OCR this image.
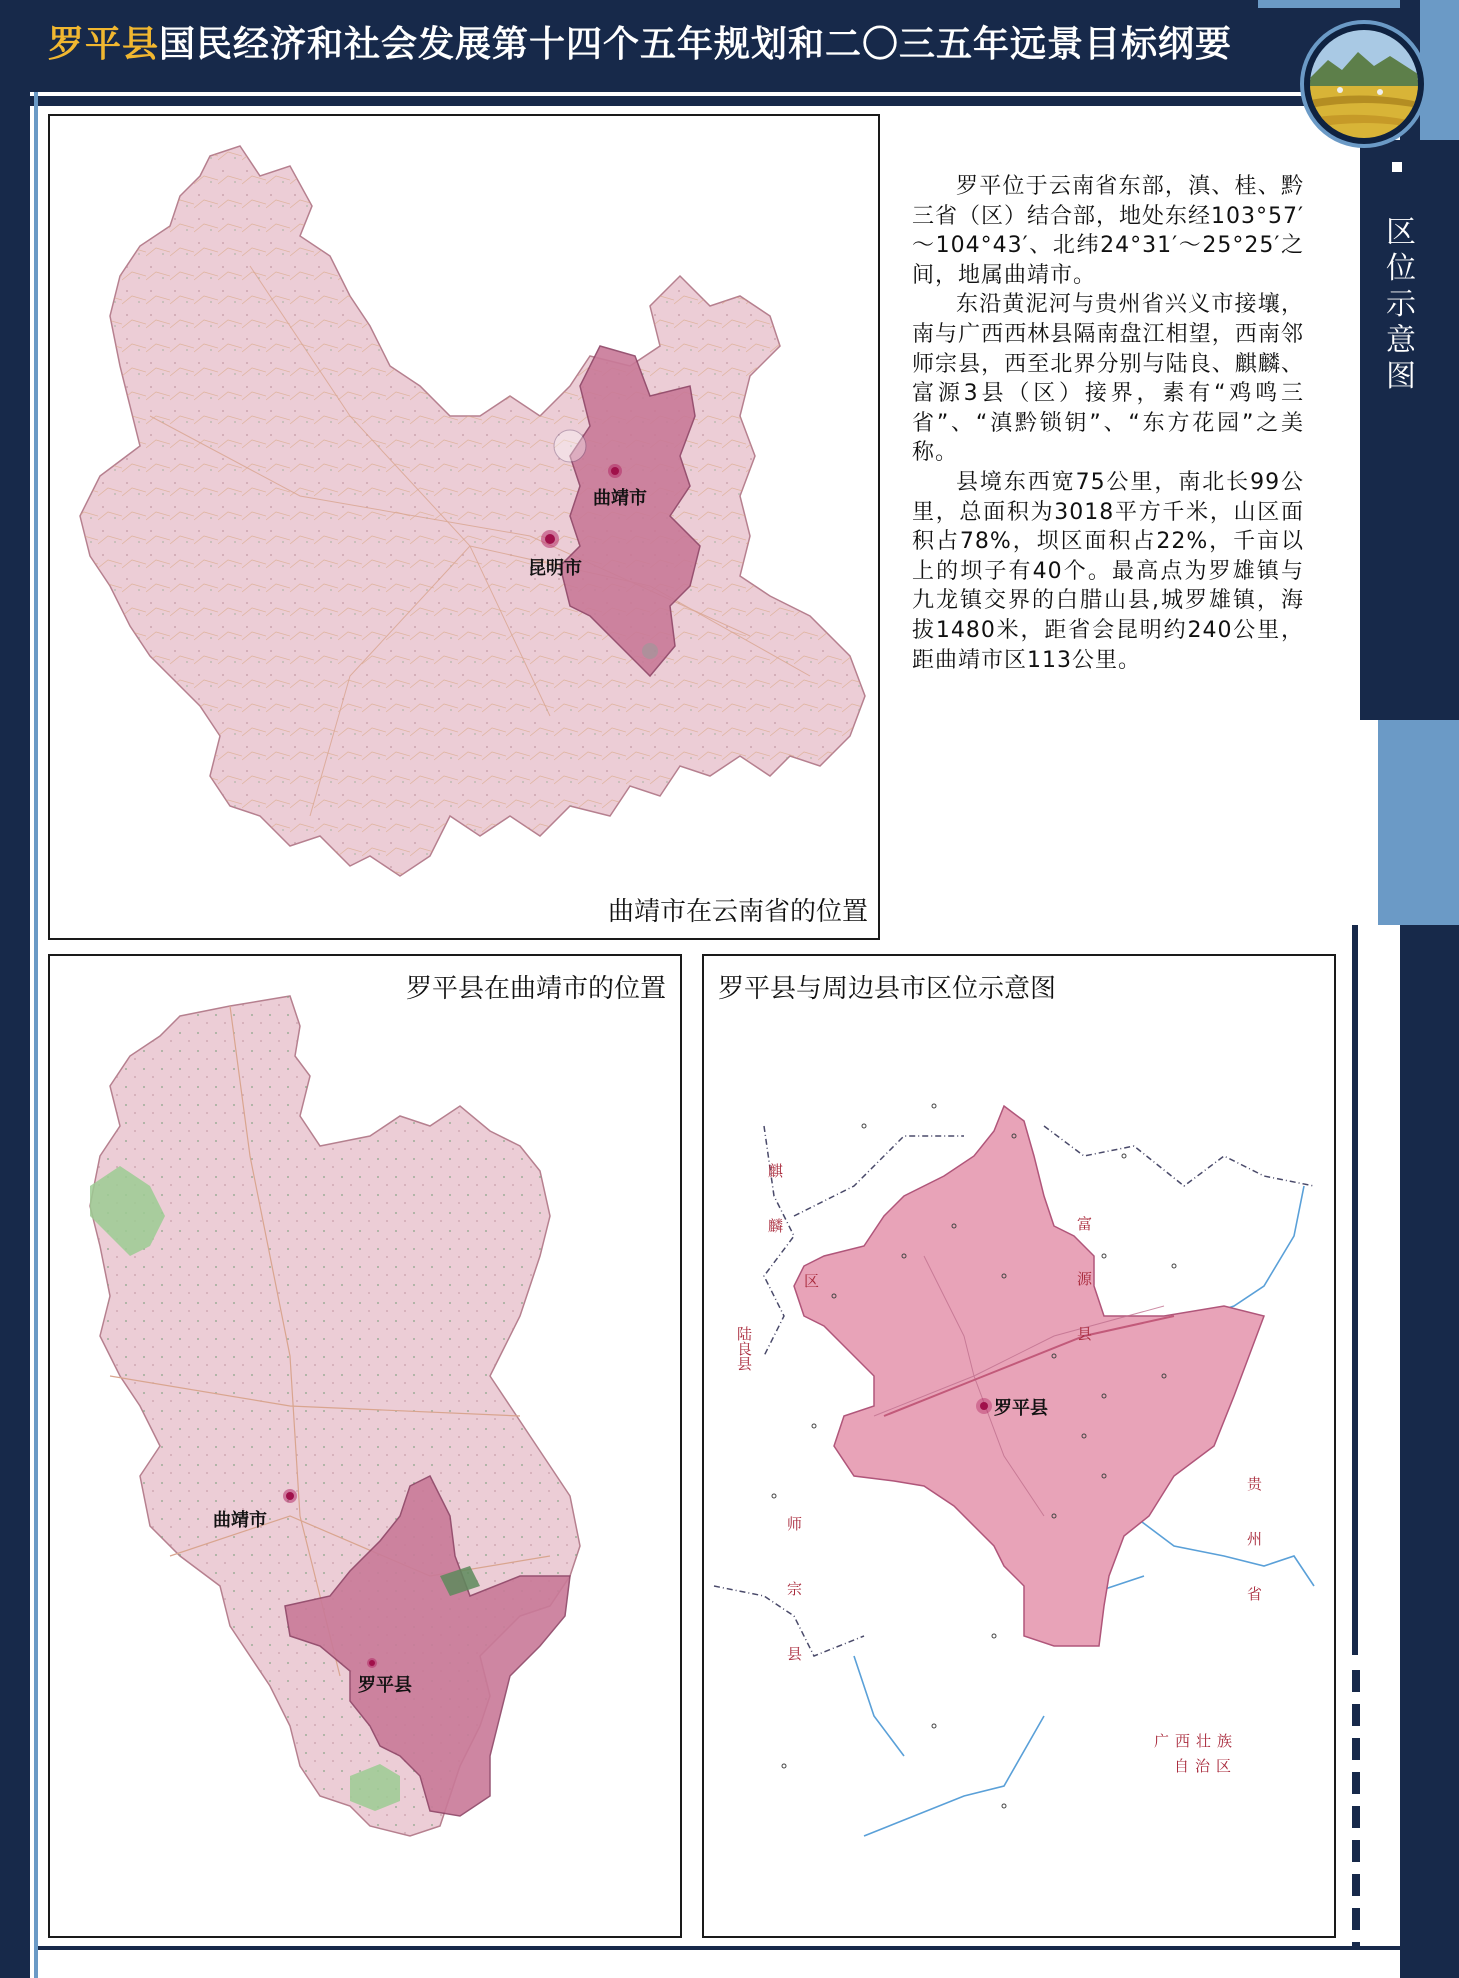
罗平县国民经济和社会发展第十四个五年规划和二〇三五年远景目标纲要
区位示意图

罗平位于云南省东部，滇、桂、黔三省（区）结合部，地处东经103°57′～104°43′、北纬24°31′～25°25′之间，地属曲靖市。

东沿黄泥河与贵州省兴义市接壤，南与广西西林县隔南盘江相望，西南邻师宗县，西至北界分别与陆良、麒麟、富源3县（区）接界，素有“鸡鸣三省”、“滇黔锁钥”、“东方花园”之美称。

县境东西宽75公里，南北长99公里，总面积为3018平方千米，山区面积占78%，坝区面积占22%，千亩以上的坝子有40个。最高点为罗雄镇与九龙镇交界的白腊山县,城罗雄镇，海拔1480米，距省会昆明约240公里，距曲靖市区113公里。

曲靖市
昆明市
曲靖市在云南省的位置
曲靖市
罗平县
罗平县在曲靖市的位置
罗平县
麒
麟
区	富源县
陆良县
师宗县	贵州省
广西壮族
自治区
罗平县与周边县市区位示意图
